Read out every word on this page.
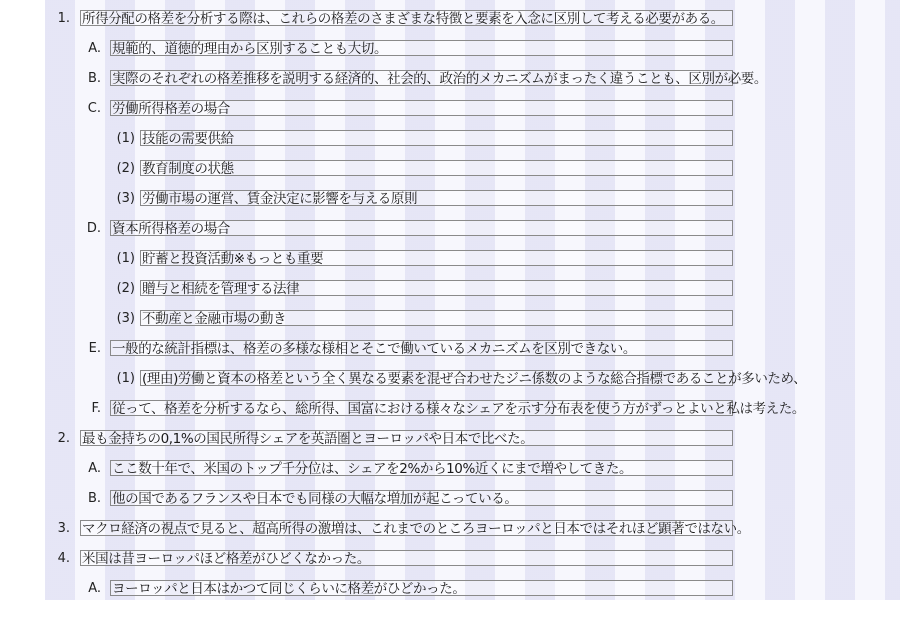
1. 所得分配の格差を分析する際は、これらの格差のさまざまな特徴と要素を入念に区別して考える必要がある。
A. 規範的、道徳的理由から区別することも大切。
B. 実際のそれぞれの格差推移を説明する経済的、社会的、政治的メカニズムがまったく違うことも、区別が必要。
C. 労働所得格差の場合
(1) 技能の需要供給
(2) 教育制度の状態
(3) 労働市場の運営、賃金決定に影響を与える原則
D. 資本所得格差の場合
(1) 貯蓄と投資活動※もっとも重要
(2) 贈与と相続を管理する法律
(3) 不動産と金融市場の動き
E. 一般的な統計指標は、格差の多様な様相とそこで働いているメカニズムを区別できない。
(1) (理由)労働と資本の格差という全く異なる要素を混ぜ合わせたジニ係数のような総合指標であることが多いため、
F. 従って、格差を分析するなら、総所得、国富における様々なシェアを示す分布表を使う方がずっとよいと私は考えた。
2. 最も金持ちの0,1%の国民所得シェアを英語圏とヨーロッパや日本で比べた。
A. ここ数十年で、米国のトップ千分位は、シェアを2%から10%近くにまで増やしてきた。
B. 他の国であるフランスや日本でも同様の大幅な増加が起こっている。
3. マクロ経済の視点で見ると、超高所得の激増は、これまでのところヨーロッパと日本ではそれほど顕著ではない。
4. 米国は昔ヨーロッパほど格差がひどくなかった。
A. ヨーロッパと日本はかつて同じくらいに格差がひどかった。
